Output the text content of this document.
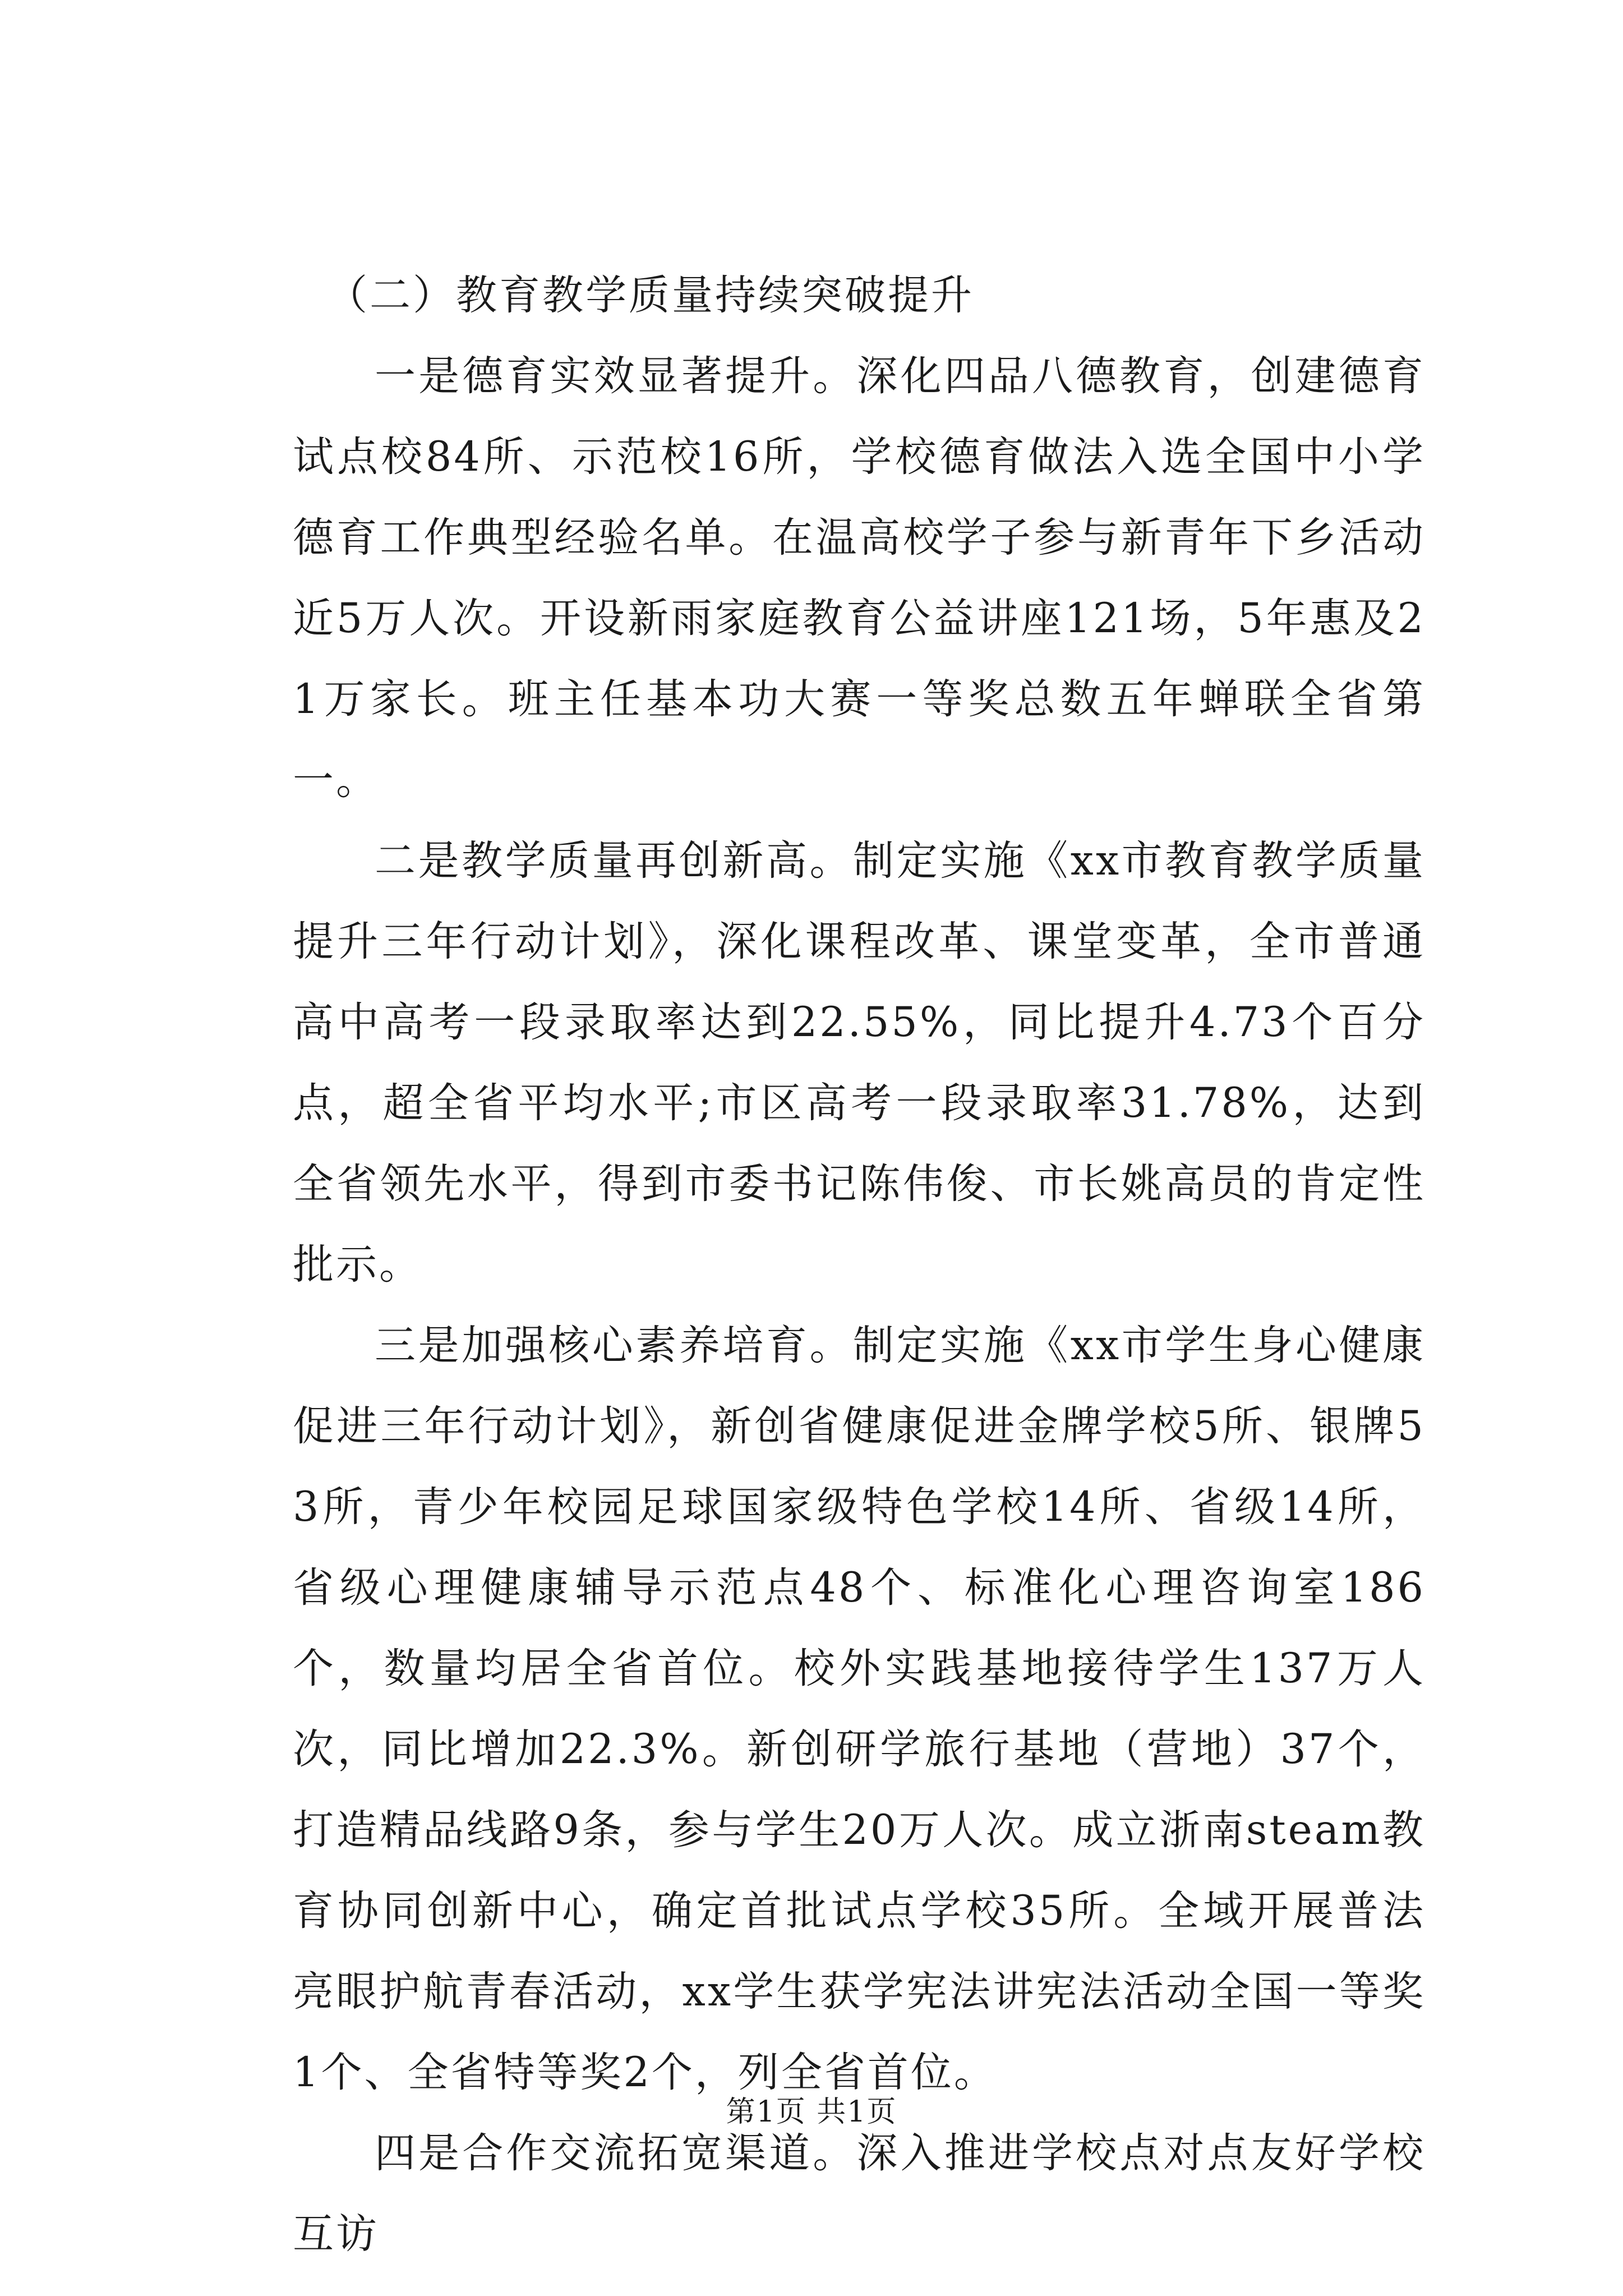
（二）教育教学质量持续突破提升

一是德育实效显著提升。深化四品八德教育，创建德育试点校84所、示范校16所，学校德育做法入选全国中小学德育工作典型经验名单。在温高校学子参与新青年下乡活动近5万人次。开设新雨家庭教育公益讲座121场，5年惠及21万家长。班主任基本功大赛一等奖总数五年蝉联全省第一。

二是教学质量再创新高。制定实施《xx市教育教学质量提升三年行动计划》，深化课程改革、课堂变革，全市普通高中高考一段录取率达到22.55%，同比提升4.73个百分点，超全省平均水平;市区高考一段录取率31.78%，达到全省领先水平，得到市委书记陈伟俊、市长姚高员的肯定性批示。

三是加强核心素养培育。制定实施《xx市学生身心健康促进三年行动计划》，新创省健康促进金牌学校5所、银牌53所，青少年校园足球国家级特色学校14所、省级14所，省级心理健康辅导示范点48个、标准化心理咨询室186个，数量均居全省首位。校外实践基地接待学生137万人次，同比增加22.3%。新创研学旅行基地（营地）37个，打造精品线路9条，参与学生20万人次。成立浙南steam教育协同创新中心，确定首批试点学校35所。全域开展普法亮眼护航青春活动，xx学生获学宪法讲宪法活动全国一等奖1个、全省特等奖2个，列全省首位。

四是合作交流拓宽渠道。深入推进学校点对点友好学校互访

第1页 共1页
